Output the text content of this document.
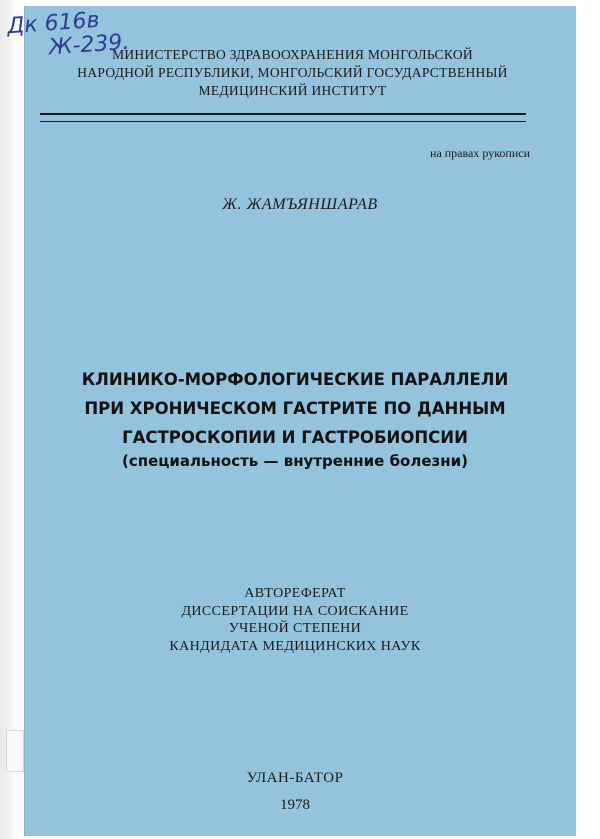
Дк 616в
Ж-239.
МИНИСТЕРСТВО ЗДРАВООХРАНЕНИЯ МОНГОЛЬСКОЙ
НАРОДНОЙ РЕСПУБЛИКИ, МОНГОЛЬСКИЙ ГОСУДАРСТВЕННЫЙ
МЕДИЦИНСКИЙ ИНСТИТУТ
на правах рукописи
Ж. ЖАМЪЯНШАРАВ
КЛИНИКО-МОРФОЛОГИЧЕСКИЕ ПАРАЛЛЕЛИ
ПРИ ХРОНИЧЕСКОМ ГАСТРИТЕ ПО ДАННЫМ
ГАСТРОСКОПИИ И ГАСТРОБИОПСИИ
(специальность — внутренние болезни)
АВТОРЕФЕРАТ
ДИССЕРТАЦИИ НА СОИСКАНИЕ
УЧЕНОЙ СТЕПЕНИ
КАНДИДАТА МЕДИЦИНСКИХ НАУК
УЛАН-БАТОР
1978
